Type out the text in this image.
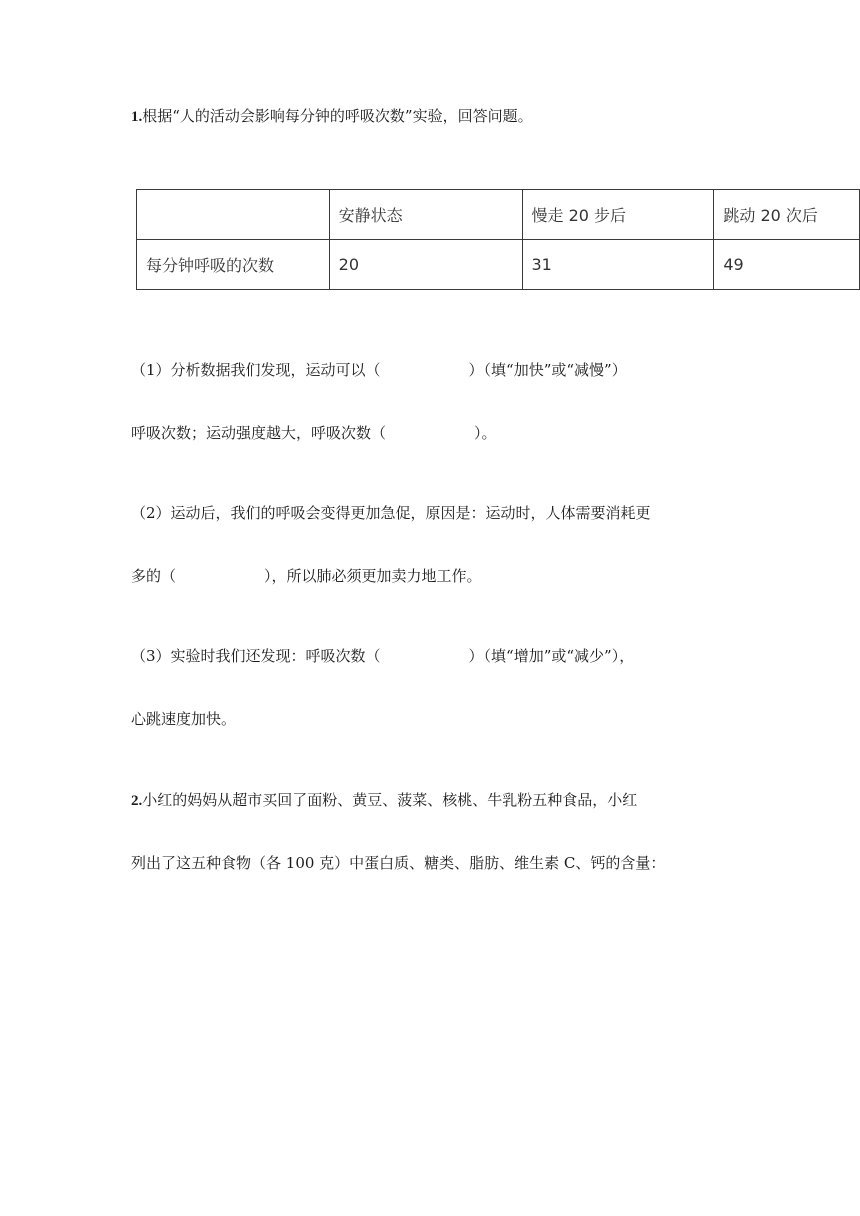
1.根据“人的活动会影响每分钟的呼吸次数”实验，回答问题。
	安静状态	慢走 20 步后	跳动 20 次后
每分钟呼吸的次数	20	31	49
（1）分析数据我们发现，运动可以（	）（填“加快”或“减慢”）
呼吸次数；运动强度越大，呼吸次数（	）。
（2）运动后，我们的呼吸会变得更加急促，原因是：运动时，人体需要消耗更
多的（	），所以肺必须更加卖力地工作。
（3）实验时我们还发现：呼吸次数（	）（填“增加”或“减少”），
心跳速度加快。
2.小红的妈妈从超市买回了面粉、黄豆、菠菜、核桃、牛乳粉五种食品，小红
列出了这五种食物（各 100 克）中蛋白质、糖类、脂肪、维生素 C、钙的含量：
